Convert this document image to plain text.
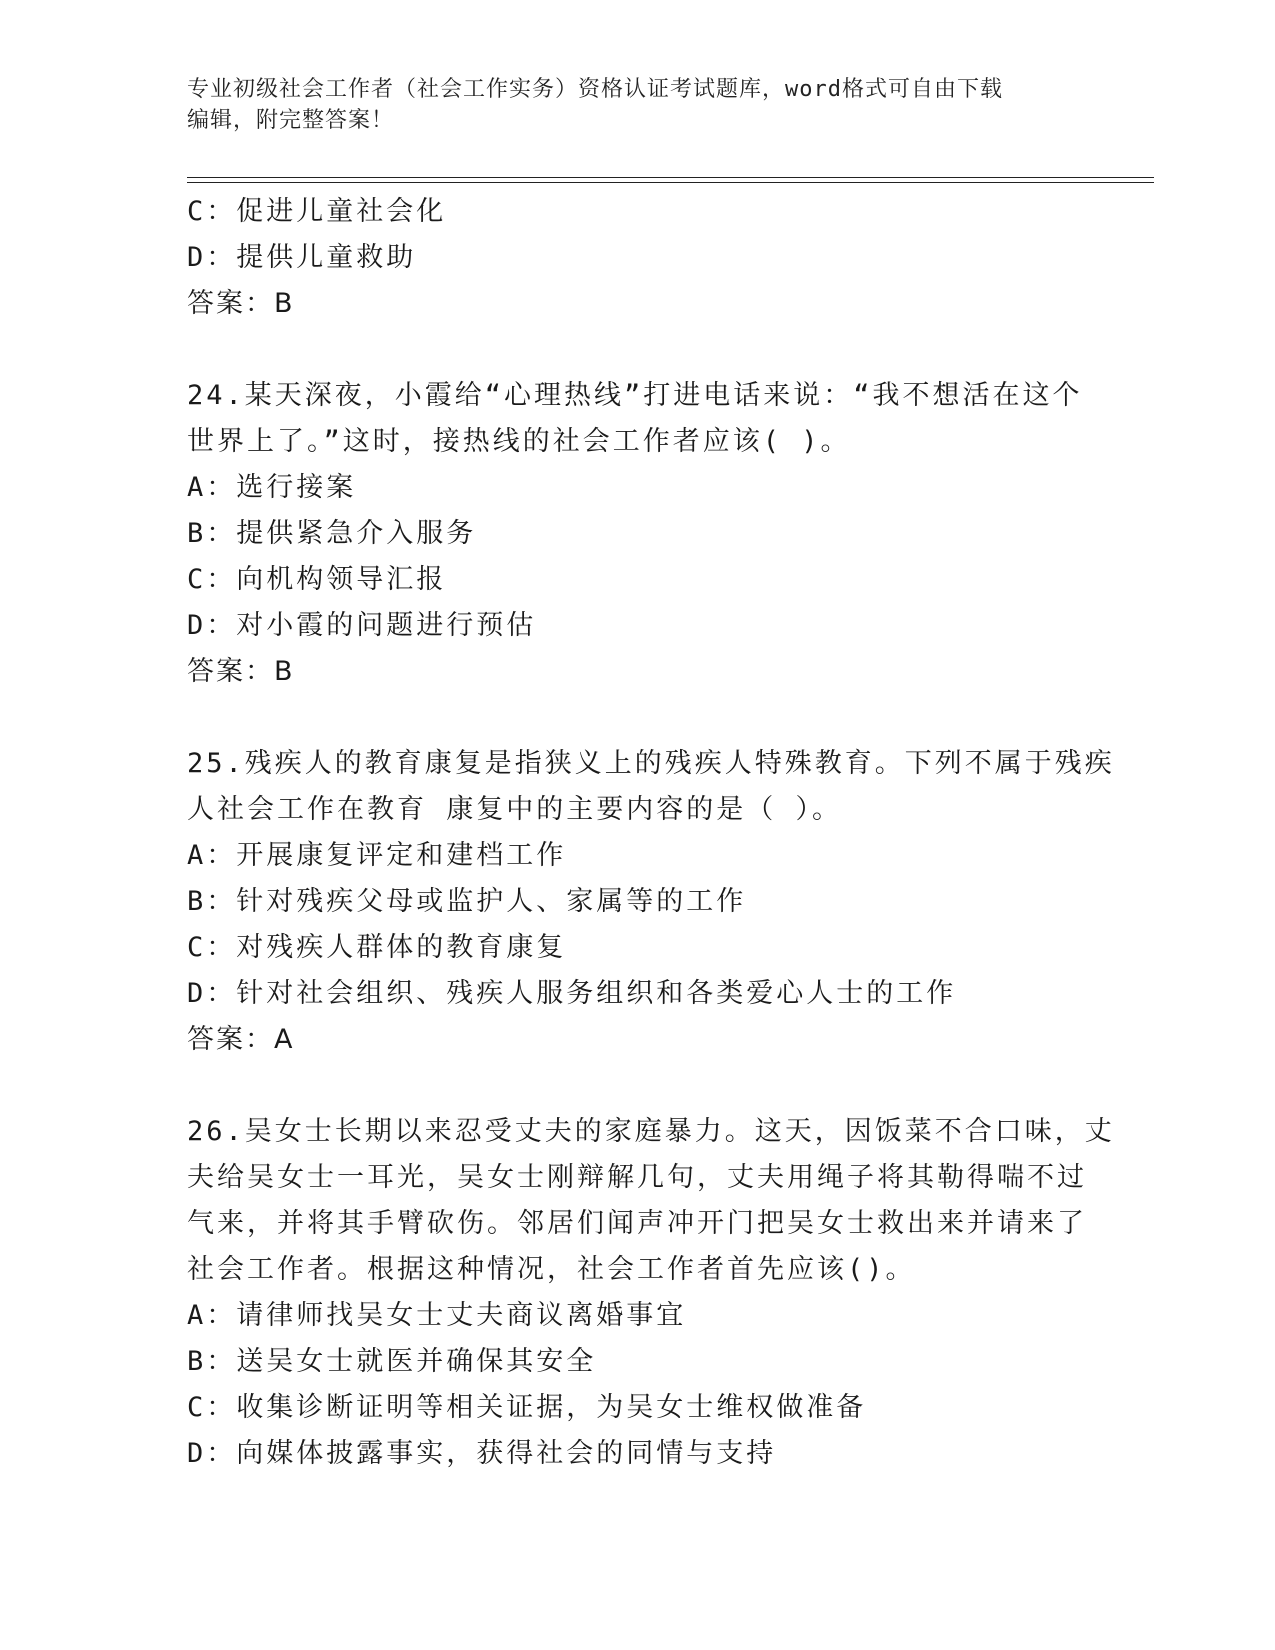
专业初级社会工作者（社会工作实务）资格认证考试题库，word格式可自由下载
编辑，附完整答案！
C：促进儿童社会化
D：提供儿童救助
答案：B
24.某天深夜，小霞给“心理热线”打进电话来说：“我不想活在这个
世界上了。”这时，接热线的社会工作者应该( )。
A：选行接案
B：提供紧急介入服务
C：向机构领导汇报
D：对小霞的问题进行预估
答案：B
25.残疾人的教育康复是指狭义上的残疾人特殊教育。下列不属于残疾
人社会工作在教育 康复中的主要内容的是（ ）。
A：开展康复评定和建档工作
B：针对残疾父母或监护人、家属等的工作
C：对残疾人群体的教育康复
D：针对社会组织、残疾人服务组织和各类爱心人士的工作
答案：A
26.吴女士长期以来忍受丈夫的家庭暴力。这天，因饭菜不合口味，丈
夫给吴女士一耳光，吴女士刚辩解几句，丈夫用绳子将其勒得喘不过
气来，并将其手臂砍伤。邻居们闻声冲开门把吴女士救出来并请来了
社会工作者。根据这种情况，社会工作者首先应该()。
A：请律师找吴女士丈夫商议离婚事宜
B：送吴女士就医并确保其安全
C：收集诊断证明等相关证据，为吴女士维权做准备
D：向媒体披露事实，获得社会的同情与支持
